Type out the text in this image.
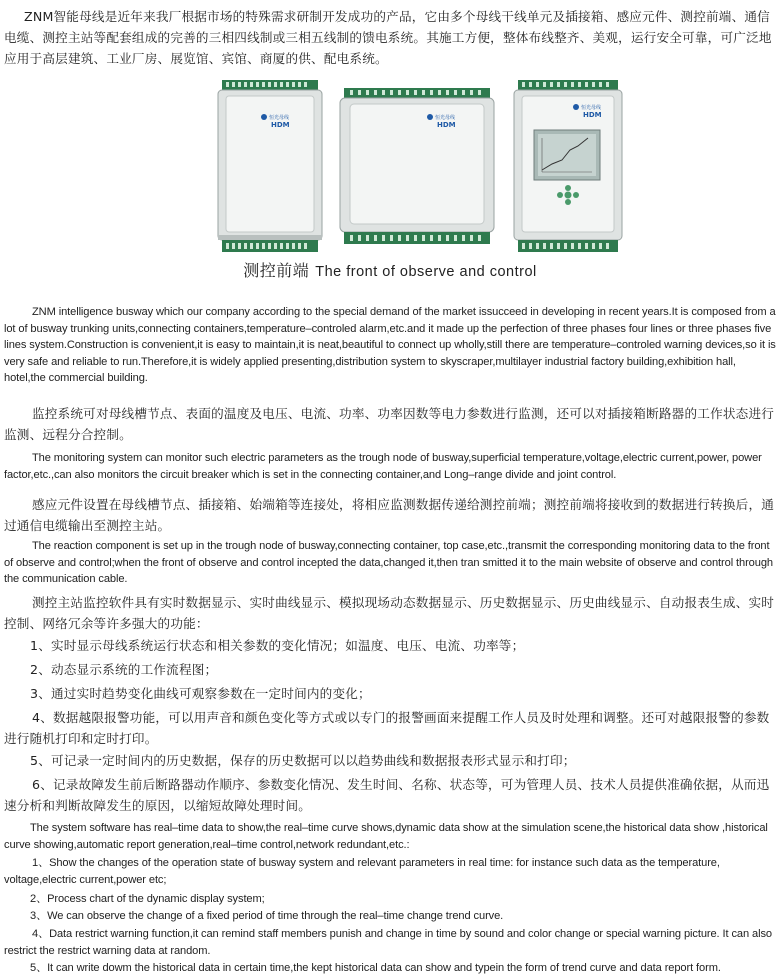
ZNM智能母线是近年来我厂根据市场的特殊需求研制开发成功的产品，它由多个母线干线单元及插接箱、感应元件、测控前端、通信电缆、测控主站等配套组成的完善的三相四线制或三相五线制的馈电系统。其施工方便，整体布线整齐、美观，运行安全可靠，可广泛地应用于高层建筑、工业厂房、展览馆、宾馆、商厦的供、配电系统。

恒光母线
HDM
恒光母线
HDM
恒光母线
HDM
测控前端 The front of observe and control

ZNM intelligence busway which our company according to the special demand of the market issucceed in developing in recent years.It is composed from a lot of busway trunking units,connecting containers,temperature–controled alarm,etc.and it made up the perfection of three phases four lines or three phases five lines system.Construction is convenient,it is easy to maintain,it is neat,beautiful to connect up wholly,still there are temperature–controled warning devices,so it is very safe and reliable to run.Therefore,it is widely applied presenting,distribution system to skyscraper,multilayer industrial factory building,exhibition hall, hotel,the commercial building.

监控系统可对母线槽节点、表面的温度及电压、电流、功率、功率因数等电力参数进行监测，还可以对插接箱断路器的工作状态进行监测、远程分合控制。

The monitoring system can monitor such electric parameters as the trough node of busway,superficial temperature,voltage,electric current,power, power factor,etc.,can also monitors the circuit breaker which is set in the connecting container,and Long–range divide and joint control.

感应元件设置在母线槽节点、插接箱、始端箱等连接处，将相应监测数据传递给测控前端；测控前端将接收到的数据进行转换后，通过通信电缆输出至测控主站。

The reaction component is set up in the trough node of busway,connecting container, top case,etc.,transmit the corresponding monitoring data to the front of observe and control;when the front of observe and control incepted the data,changed it,then tran smitted it to the main website of observe and control through the communication cable.

测控主站监控软件具有实时数据显示、实时曲线显示、模拟现场动态数据显示、历史数据显示、历史曲线显示、自动报表生成、实时控制、网络冗余等许多强大的功能：

1、实时显示母线系统运行状态和相关参数的变化情况；如温度、电压、电流、功率等；

2、动态显示系统的工作流程图；

3、通过实时趋势变化曲线可观察参数在一定时间内的变化；

4、数据越限报警功能，可以用声音和颜色变化等方式或以专门的报警画面来提醒工作人员及时处理和调整。还可对越限报警的参数进行随机打印和定时打印。

5、可记录一定时间内的历史数据，保存的历史数据可以以趋势曲线和数据报表形式显示和打印；

6、记录故障发生前后断路器动作顺序、参数变化情况、发生时间、名称、状态等，可为管理人员、技术人员提供准确依据，从而迅速分析和判断故障发生的原因，以缩短故障处理时间。

The system software has real–time data to show,the real–time curve shows,dynamic data show at the simulation scene,the historical data show ,historical curve showing,automatic report generation,real–time control,network redundant,etc.:

1、Show the changes of the operation state of busway system and relevant parameters in real time: for instance such data as the temperature, voltage,electric current,power etc;

2、Process chart of the dynamic display system;

3、We can observe the change of a fixed period of time through the real–time change trend curve.

4、Data restrict warning function,it can remind staff members punish and change in time by sound and color change or special warning picture. It can also restrict the restrict warning data at random.

5、It can write dowm the historical data in certain time,the kept historical data can show and typein the form of trend curve and data report form.
